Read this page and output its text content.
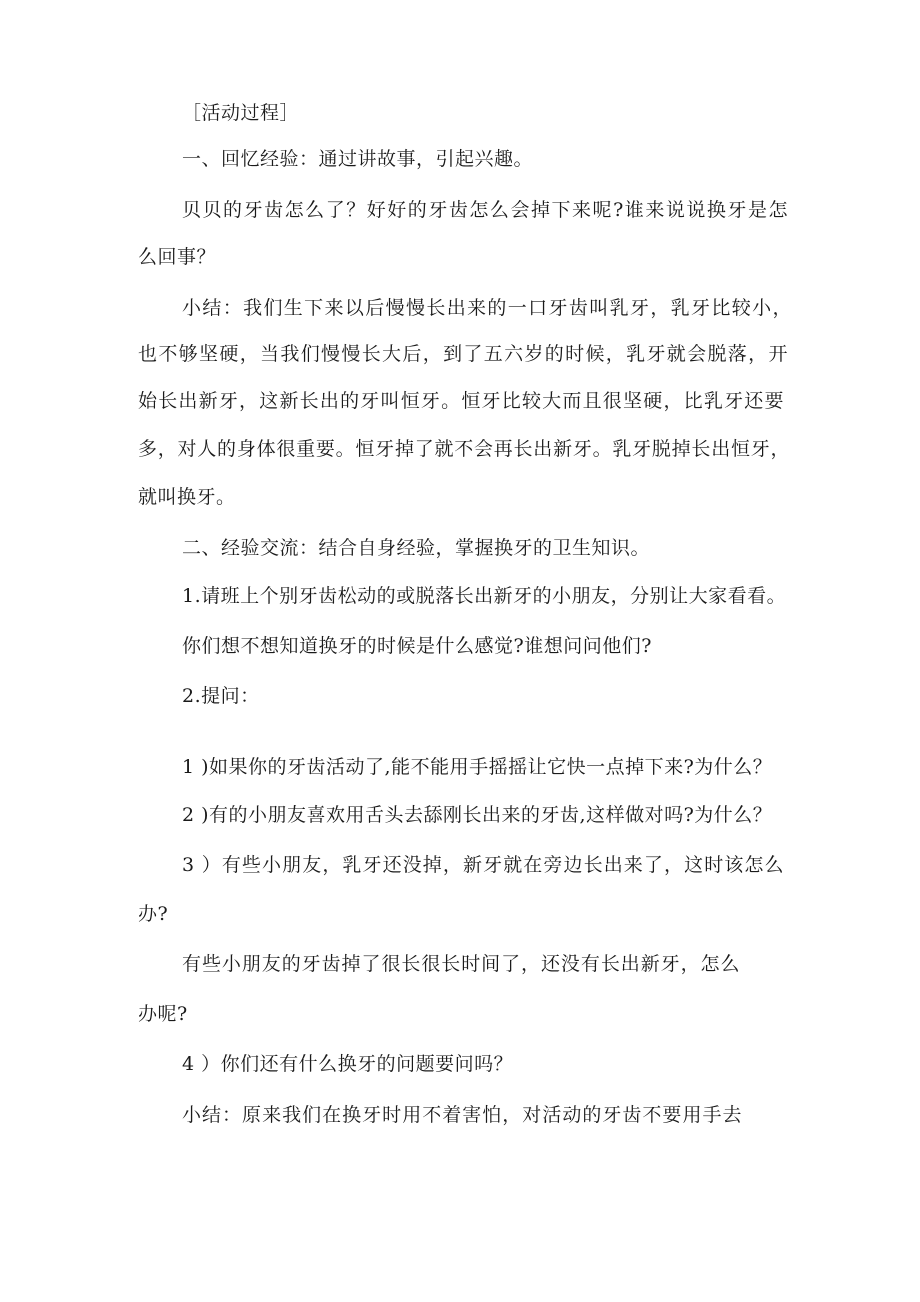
［活动过程］
一、回忆经验：通过讲故事，引起兴趣。
贝贝的牙齿怎么了？好好的牙齿怎么会掉下来呢?谁来说说换牙是怎
么回事？
小结：我们生下来以后慢慢长出来的一口牙齿叫乳牙，乳牙比较小，
也不够坚硬，当我们慢慢长大后，到了五六岁的时候，乳牙就会脱落，开
始长出新牙，这新长出的牙叫恒牙。恒牙比较大而且很坚硬，比乳牙还要
多，对人的身体很重要。恒牙掉了就不会再长出新牙。乳牙脱掉长出恒牙，
就叫换牙。
二、经验交流：结合自身经验，掌握换牙的卫生知识。
1.请班上个别牙齿松动的或脱落长出新牙的小朋友，分别让大家看看。
你们想不想知道换牙的时候是什么感觉?谁想问问他们?
2.提问：
1 )如果你的牙齿活动了,能不能用手摇摇让它快一点掉下来?为什么？
2 )有的小朋友喜欢用舌头去舔刚长出来的牙齿,这样做对吗?为什么？
3 ）有些小朋友，乳牙还没掉，新牙就在旁边长出来了，这时该怎么
办?
有些小朋友的牙齿掉了很长很长时间了，还没有长出新牙，怎么
办呢?
4 ）你们还有什么换牙的问题要问吗？
小结：原来我们在换牙时用不着害怕，对活动的牙齿不要用手去
